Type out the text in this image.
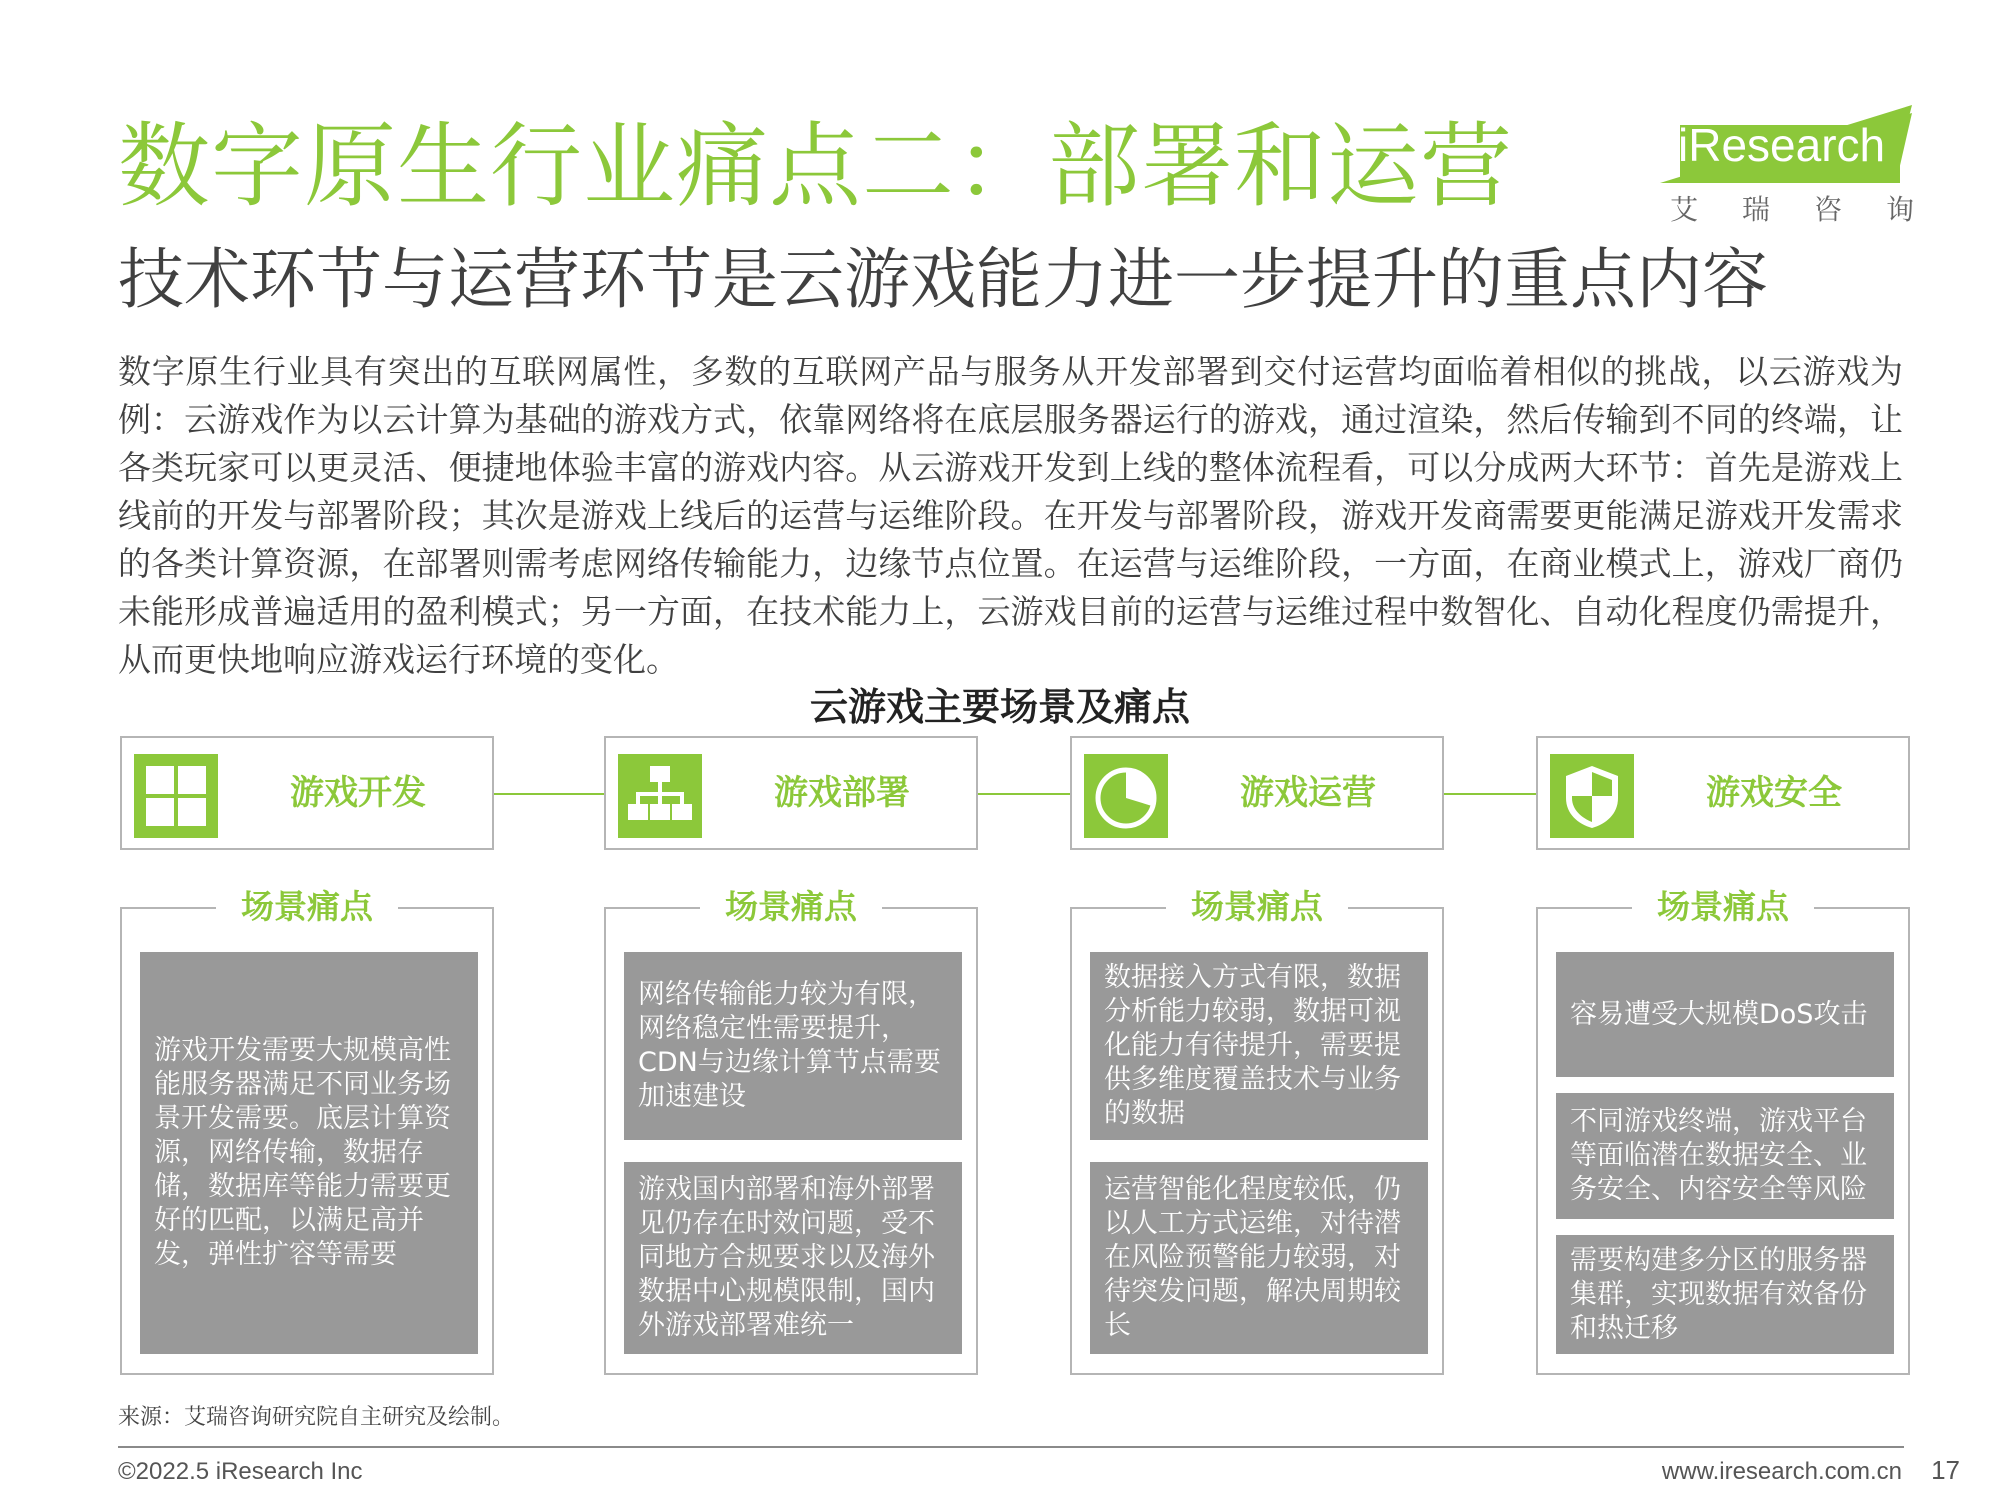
数字原生行业痛点二：部署和运营
技术环节与运营环节是云游戏能力进一步提升的重点内容
iResearch
艾瑞咨询
数字原生行业具有突出的互联网属性，多数的互联网产品与服务从开发部署到交付运营均面临着相似的挑战，以云游戏为例：云游戏作为以云计算为基础的游戏方式，依靠网络将在底层服务器运行的游戏，通过渲染，然后传输到不同的终端，让各类玩家可以更灵活、便捷地体验丰富的游戏内容。从云游戏开发到上线的整体流程看，可以分成两大环节：首先是游戏上线前的开发与部署阶段；其次是游戏上线后的运营与运维阶段。在开发与部署阶段，游戏开发商需要更能满足游戏开发需求的各类计算资源，在部署则需考虑网络传输能力，边缘节点位置。在运营与运维阶段，一方面，在商业模式上，游戏厂商仍未能形成普遍适用的盈利模式；另一方面，在技术能力上，云游戏目前的运营与运维过程中数智化、自动化程度仍需提升，从而更快地响应游戏运行环境的变化。
云游戏主要场景及痛点
游戏开发	游戏部署	游戏运营	游戏安全
场景痛点
游戏开发需要大规模高性能服务器满足不同业务场景开发需要。底层计算资源，网络传输，数据存储，数据库等能力需要更好的匹配，以满足高并发，弹性扩容等需要
场景痛点
网络传输能力较为有限，网络稳定性需要提升，CDN与边缘计算节点需要加速建设
游戏国内部署和海外部署见仍存在时效问题，受不同地方合规要求以及海外数据中心规模限制，国内外游戏部署难统一
场景痛点
数据接入方式有限，数据分析能力较弱，数据可视化能力有待提升，需要提供多维度覆盖技术与业务的数据
运营智能化程度较低，仍以人工方式运维，对待潜在风险预警能力较弱，对待突发问题，解决周期较长
场景痛点
容易遭受大规模DoS攻击
不同游戏终端，游戏平台等面临潜在数据安全、业务安全、内容安全等风险
需要构建多分区的服务器集群，实现数据有效备份和热迁移
来源：艾瑞咨询研究院自主研究及绘制。
©2022.5 iResearch Inc	www.iresearch.com.cn 17
